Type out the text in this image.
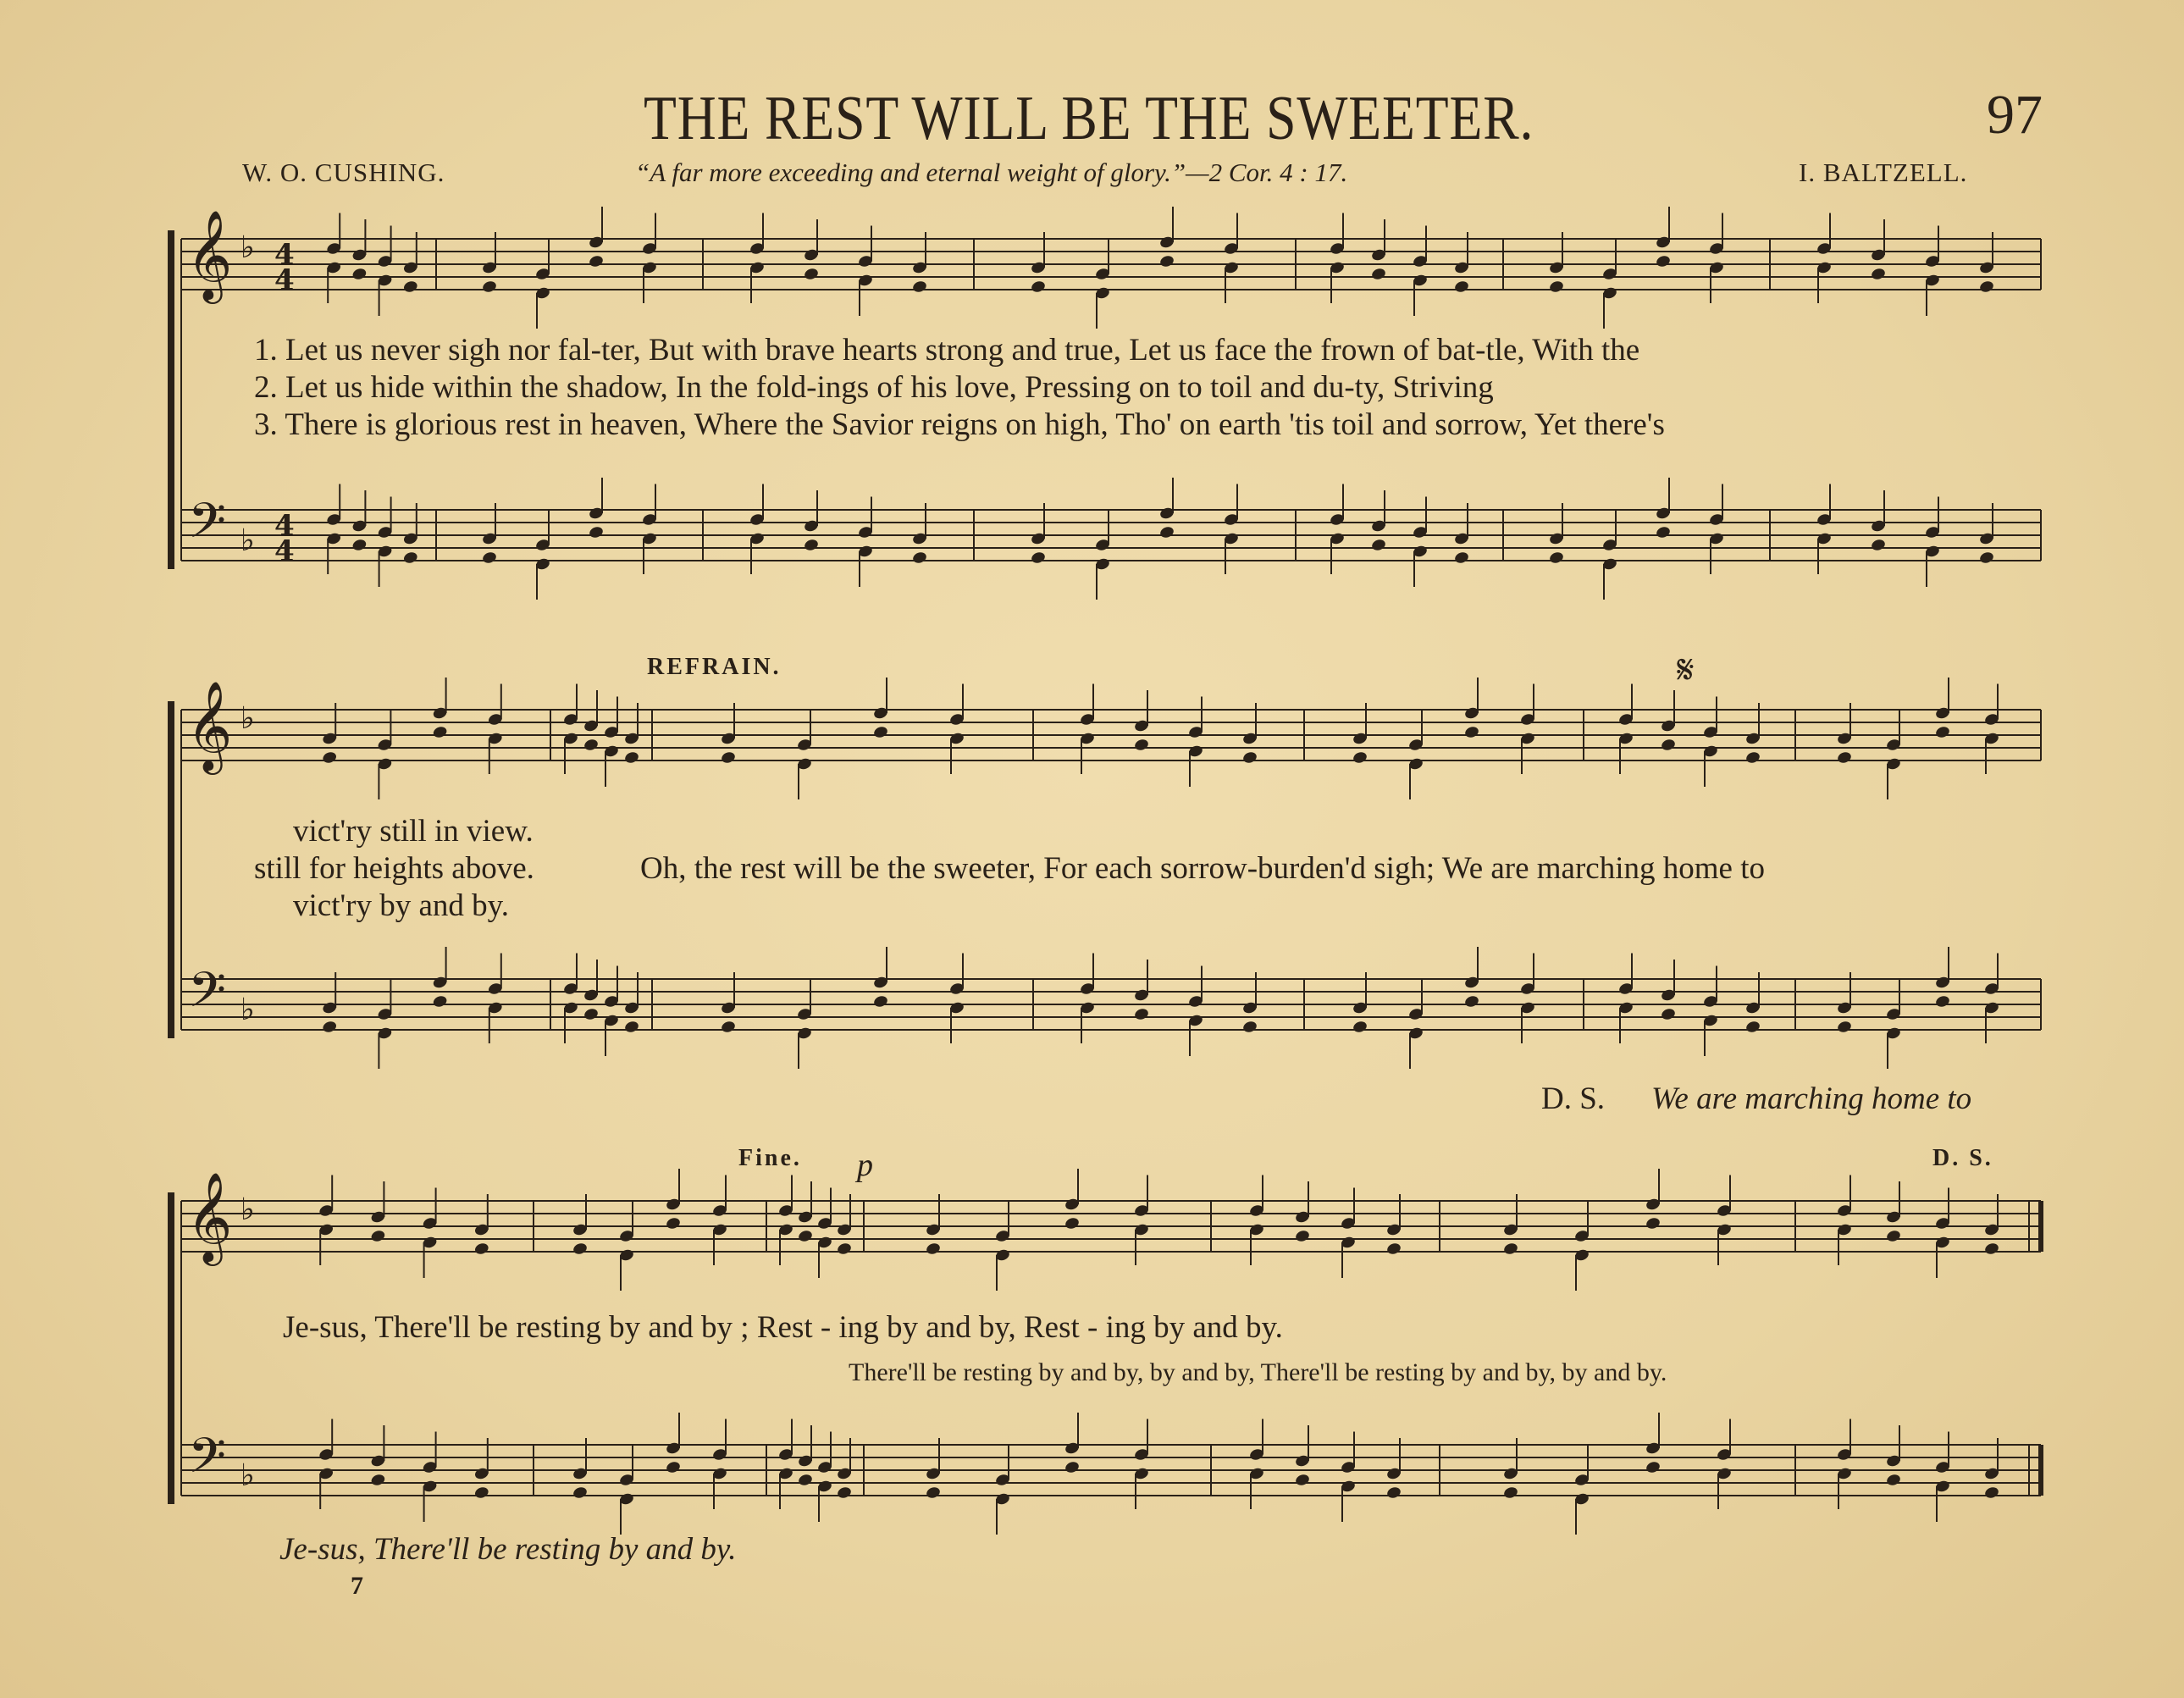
THE REST WILL BE THE SWEETER.	97
W. O. CUSHING.	“A far more exceeding and eternal weight of glory.”—2 Cor. 4 : 17.	I. BALTZELL.
𝄞
𝄢
♭
♭
4
4
4
4
𝄞
𝄢
♭
♭
𝄞
𝄢
♭
♭
1. Let us never sigh nor fal-ter, But with brave hearts strong and true, Let us face the frown of bat-tle, With the
2. Let us hide within the shadow, In the fold-ings of his love, Pressing on to toil and du-ty, Striving
3. There is glorious rest in heaven, Where the Savior reigns on high, Tho' on earth 'tis toil and sorrow, Yet there's
REFRAIN.	𝄋
vict'ry still in view.
still for heights above.	Oh, the rest will be the sweeter, For each sorrow-burden'd sigh; We are marching home to
vict'ry by and by.
D. S. We are marching home to
Fine. p	D. S.
Je-sus, There'll be resting by and by ; Rest - ing by and by, Rest - ing by and by.
There'll be resting by and by, by and by, There'll be resting by and by, by and by.
Je-sus, There'll be resting by and by.
7
